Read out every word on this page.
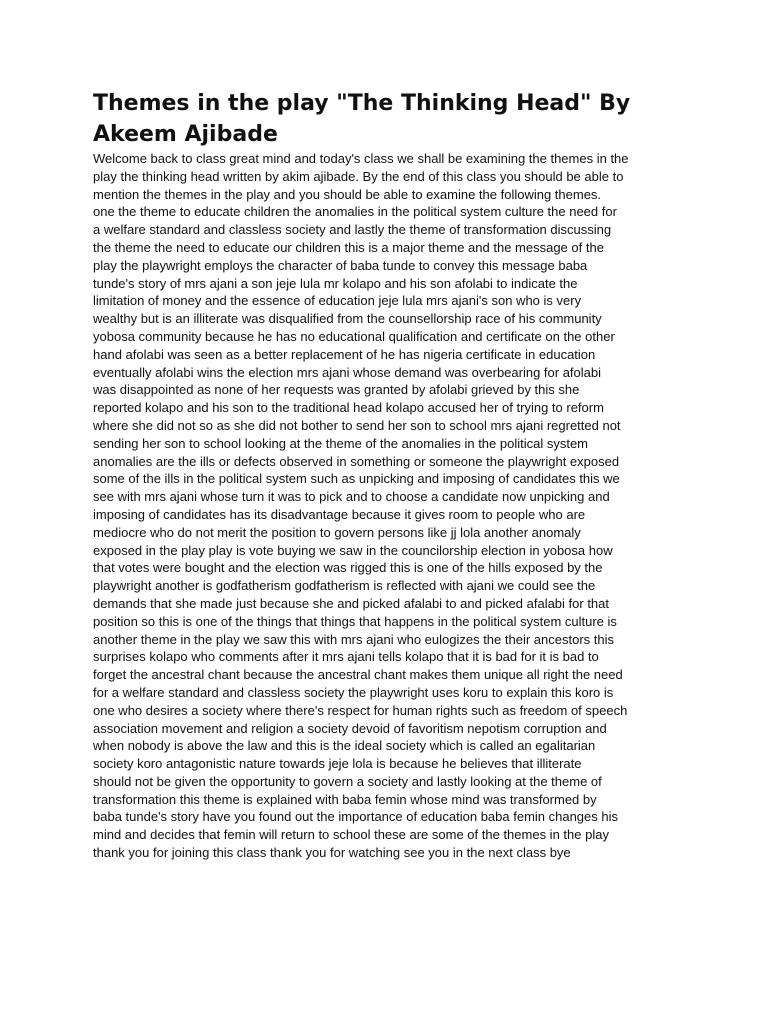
Themes in the play "The Thinking Head" By Akeem Ajibade
Welcome back to class great mind and today's class we shall be examining the themes in the
play the thinking head written by akim ajibade. By the end of this class you should be able to
mention the themes in the play and you should be able to examine the following themes.
one the theme to educate children the anomalies in the political system culture the need for
a welfare standard and classless society and lastly the theme of transformation discussing
the theme the need to educate our children this is a major theme and the message of the
play the playwright employs the character of baba tunde to convey this message baba
tunde's story of mrs ajani a son jeje lula mr kolapo and his son afolabi to indicate the
limitation of money and the essence of education jeje lula mrs ajani's son who is very
wealthy but is an illiterate was disqualified from the counsellorship race of his community
yobosa community because he has no educational qualification and certificate on the other
hand afolabi was seen as a better replacement of he has nigeria certificate in education
eventually afolabi wins the election mrs ajani whose demand was overbearing for afolabi
was disappointed as none of her requests was granted by afolabi grieved by this she
reported kolapo and his son to the traditional head kolapo accused her of trying to reform
where she did not so as she did not bother to send her son to school mrs ajani regretted not
sending her son to school looking at the theme of the anomalies in the political system
anomalies are the ills or defects observed in something or someone the playwright exposed
some of the ills in the political system such as unpicking and imposing of candidates this we
see with mrs ajani whose turn it was to pick and to choose a candidate now unpicking and
imposing of candidates has its disadvantage because it gives room to people who are
mediocre who do not merit the position to govern persons like jj lola another anomaly
exposed in the play play is vote buying we saw in the councilorship election in yobosa how
that votes were bought and the election was rigged this is one of the hills exposed by the
playwright another is godfatherism godfatherism is reflected with ajani we could see the
demands that she made just because she and picked afalabi to and picked afalabi for that
position so this is one of the things that things that happens in the political system culture is
another theme in the play we saw this with mrs ajani who eulogizes the their ancestors this
surprises kolapo who comments after it mrs ajani tells kolapo that it is bad for it is bad to
forget the ancestral chant because the ancestral chant makes them unique all right the need
for a welfare standard and classless society the playwright uses koru to explain this koro is
one who desires a society where there's respect for human rights such as freedom of speech
association movement and religion a society devoid of favoritism nepotism corruption and
when nobody is above the law and this is the ideal society which is called an egalitarian
society koro antagonistic nature towards jeje lola is because he believes that illiterate
should not be given the opportunity to govern a society and lastly looking at the theme of
transformation this theme is explained with baba femin whose mind was transformed by
baba tunde's story have you found out the importance of education baba femin changes his
mind and decides that femin will return to school these are some of the themes in the play
thank you for joining this class thank you for watching see you in the next class bye
